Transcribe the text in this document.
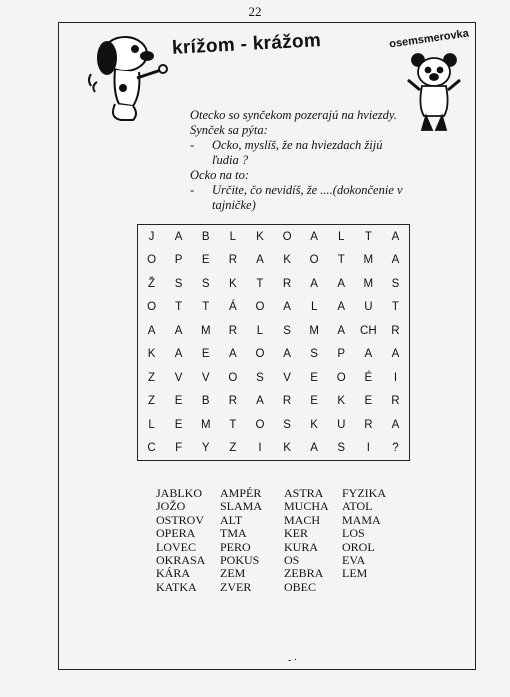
22
krížom - krážom	osemsmerovka

Otecko so synčekom pozerajú na hviezdy.

Synček sa pýta:

-	Ocko, myslíš, že na hviezdach žijú ľudia ?

Ocko na to:

-	Určite, čo nevidíš, že ....(dokončenie v tajničke)
J	A	B	L	K	O	A	L	T	A
O	P	E	R	A	K	O	T	M	A
Ž	S	S	K	T	R	A	A	M	S
O	T	T	Á	O	A	L	A	U	T
A	A	M	R	L	S	M	A	CH	R
K	A	E	A	O	A	S	P	A	A
Z	V	V	O	S	V	E	O	É	I
Z	E	B	R	A	R	E	K	E	R
L	E	M	T	O	S	K	U	R	A
C	F	Y	Z	I	K	A	S	I	?
JABLKO
JOŽO
OSTROV
OPERA
LOVEC
OKRASA
KÁRA
KATKA
AMPÉR
SLAMA
ALT
TMA
PERO
POKUS
ZEM
ZVER
ASTRA
MUCHA
MACH
KER
KURA
OS
ZEBRA
OBEC
FYZIKA
ATOL
MAMA
LOS
OROL
EVA
LEM
- ·
